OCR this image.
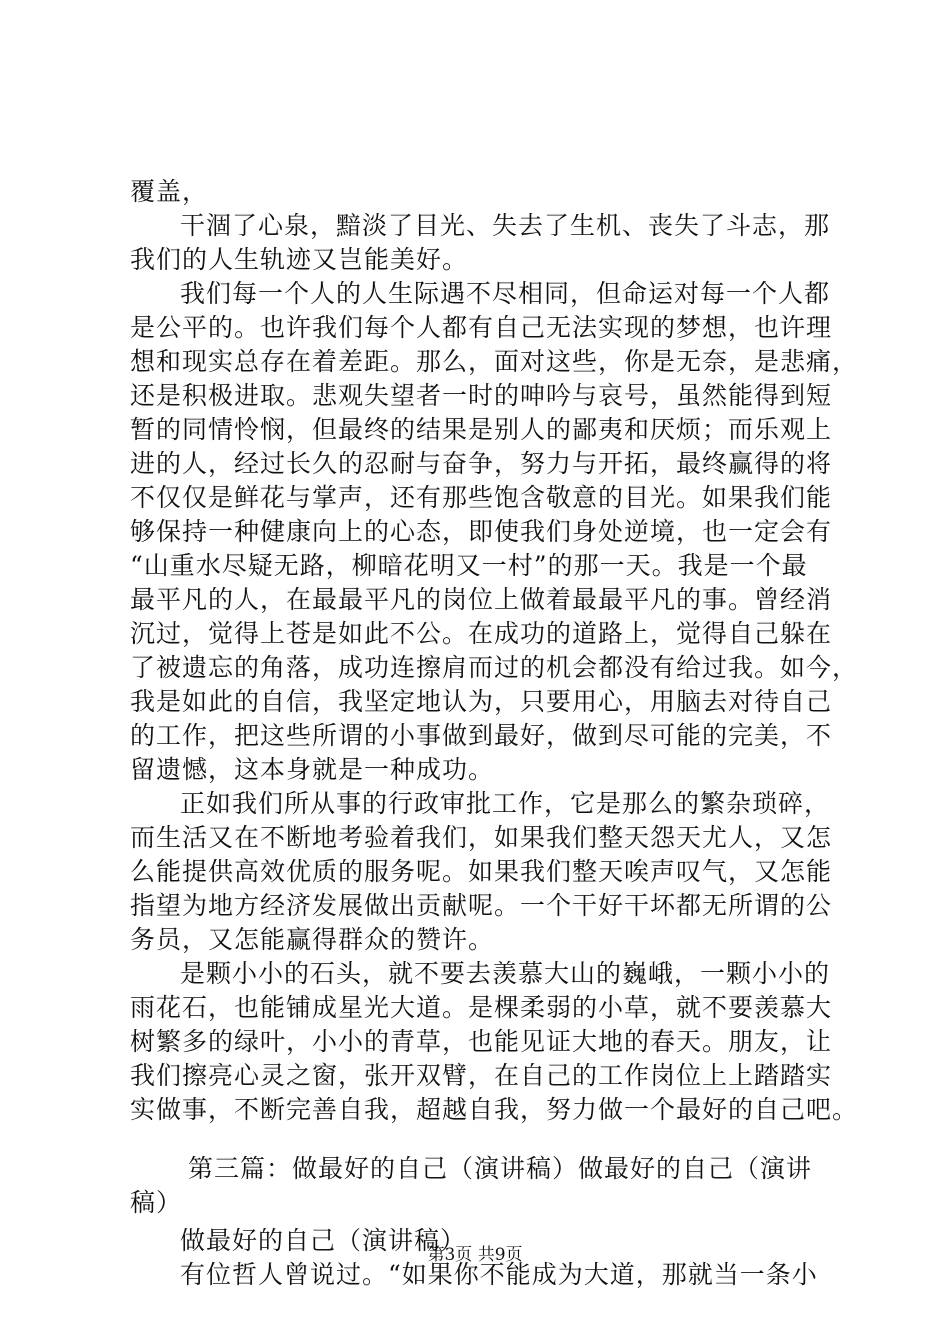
覆盖，
干涸了心泉，黯淡了目光、失去了生机、丧失了斗志，那
我们的人生轨迹又岂能美好。
我们每一个人的人生际遇不尽相同，但命运对每一个人都
是公平的。也许我们每个人都有自己无法实现的梦想，也许理
想和现实总存在着差距。那么，面对这些，你是无奈，是悲痛，
还是积极进取。悲观失望者一时的呻吟与哀号，虽然能得到短
暂的同情怜悯，但最终的结果是别人的鄙夷和厌烦；而乐观上
进的人，经过长久的忍耐与奋争，努力与开拓，最终赢得的将
不仅仅是鲜花与掌声，还有那些饱含敬意的目光。如果我们能
够保持一种健康向上的心态，即使我们身处逆境，也一定会有
“山重水尽疑无路，柳暗花明又一村”的那一天。我是一个最
最平凡的人，在最最平凡的岗位上做着最最平凡的事。曾经消
沉过，觉得上苍是如此不公。在成功的道路上，觉得自己躲在
了被遗忘的角落，成功连擦肩而过的机会都没有给过我。如今，
我是如此的自信，我坚定地认为，只要用心，用脑去对待自己
的工作，把这些所谓的小事做到最好，做到尽可能的完美，不
留遗憾，这本身就是一种成功。
正如我们所从事的行政审批工作，它是那么的繁杂琐碎，
而生活又在不断地考验着我们，如果我们整天怨天尤人，又怎
么能提供高效优质的服务呢。如果我们整天唉声叹气，又怎能
指望为地方经济发展做出贡献呢。一个干好干坏都无所谓的公
务员，又怎能赢得群众的赞许。
是颗小小的石头，就不要去羡慕大山的巍峨，一颗小小的
雨花石，也能铺成星光大道。是棵柔弱的小草，就不要羡慕大
树繁多的绿叶，小小的青草，也能见证大地的春天。朋友，让
我们擦亮心灵之窗，张开双臂，在自己的工作岗位上上踏踏实
实做事，不断完善自我，超越自我，努力做一个最好的自己吧。
第三篇：做最好的自己（演讲稿）做最好的自己（演讲
稿）
做最好的自己（演讲稿）
有位哲人曾说过。“如果你不能成为大道，那就当一条小
第3页 共9页
